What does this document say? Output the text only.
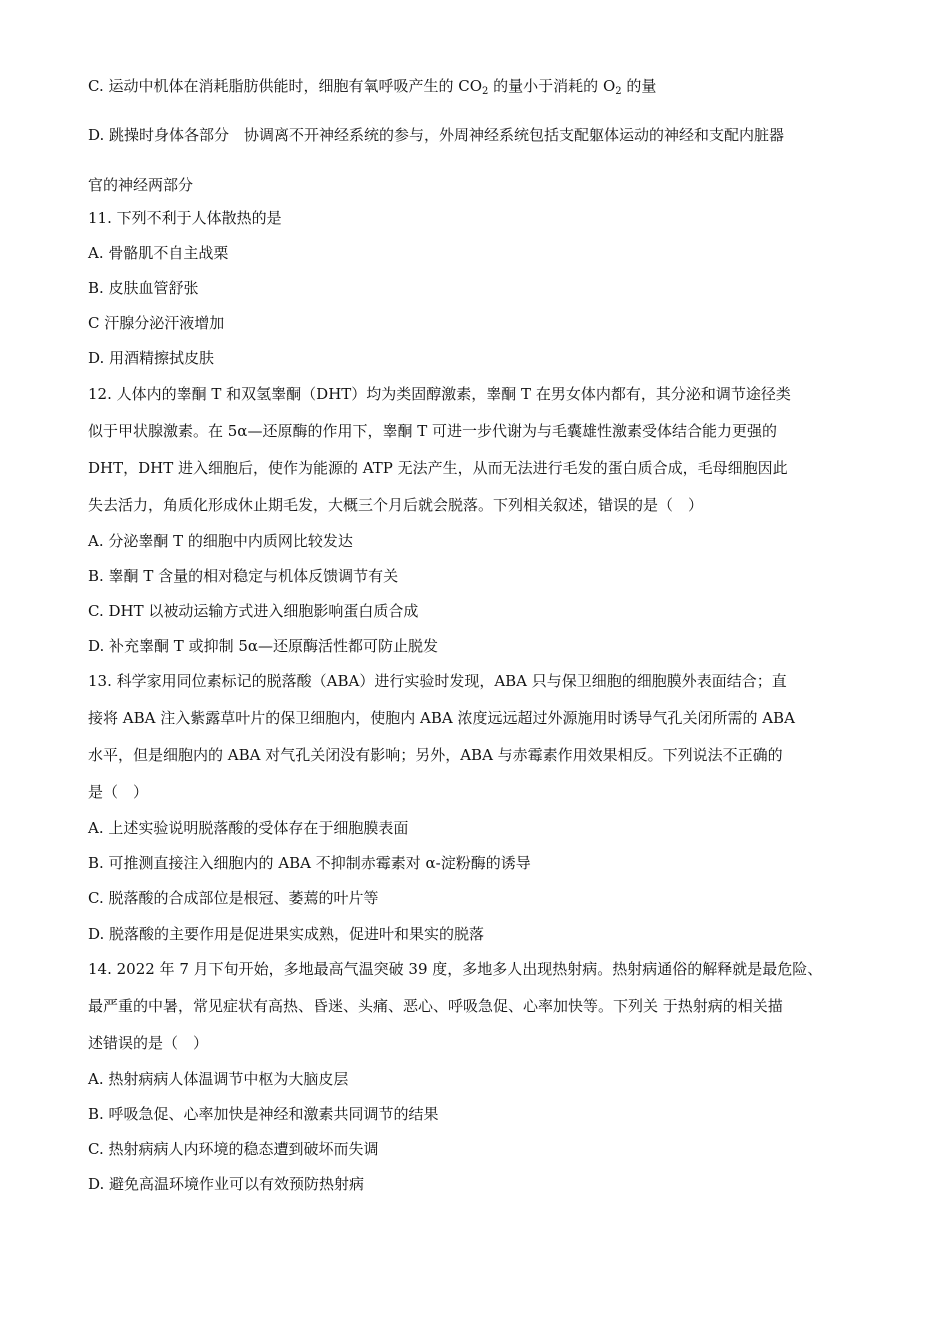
C. 运动中机体在消耗脂肪供能时，细胞有氧呼吸产生的 $CO_2$ 的量小于消耗的 $O_2$ 的量
D. 跳操时身体各部分　协调离不开神经系统的参与，外周神经系统包括支配躯体运动的神经和支配内脏器
官的神经两部分
11. 下列不利于人体散热的是
A. 骨骼肌不自主战栗
B. 皮肤血管舒张
C 汗腺分泌汗液增加
D. 用酒精擦拭皮肤
12. 人体内的睾酮 T 和双氢睾酮（DHT）均为类固醇激素，睾酮 T 在男女体内都有，其分泌和调节途径类
似于甲状腺激素。在 5α—还原酶的作用下，睾酮 T 可进一步代谢为与毛囊雄性激素受体结合能力更强的
DHT，DHT 进入细胞后，使作为能源的 ATP 无法产生，从而无法进行毛发的蛋白质合成，毛母细胞因此
失去活力，角质化形成休止期毛发，大概三个月后就会脱落。下列相关叙述，错误的是（　）
A. 分泌睾酮 T 的细胞中内质网比较发达
B. 睾酮 T 含量的相对稳定与机体反馈调节有关
C. DHT 以被动运输方式进入细胞影响蛋白质合成
D. 补充睾酮 T 或抑制 5α—还原酶活性都可防止脱发
13. 科学家用同位素标记的脱落酸（ABA）进行实验时发现，ABA 只与保卫细胞的细胞膜外表面结合；直
接将 ABA 注入紫露草叶片的保卫细胞内，使胞内 ABA 浓度远远超过外源施用时诱导气孔关闭所需的 ABA
水平，但是细胞内的 ABA 对气孔关闭没有影响；另外，ABA 与赤霉素作用效果相反。下列说法不正确的
是（　）
A. 上述实验说明脱落酸的受体存在于细胞膜表面
B. 可推测直接注入细胞内的 ABA 不抑制赤霉素对 α-淀粉酶的诱导
C. 脱落酸的合成部位是根冠、萎蔫的叶片等
D. 脱落酸的主要作用是促进果实成熟，促进叶和果实的脱落
14. 2022 年 7 月下旬开始，多地最高气温突破 39 度，多地多人出现热射病。热射病通俗的解释就是最危险、
最严重的中暑，常见症状有高热、昏迷、头痛、恶心、呼吸急促、心率加快等。下列关 于热射病的相关描
述错误的是（　）
A. 热射病病人体温调节中枢为大脑皮层
B. 呼吸急促、心率加快是神经和激素共同调节的结果
C. 热射病病人内环境的稳态遭到破坏而失调
D. 避免高温环境作业可以有效预防热射病
